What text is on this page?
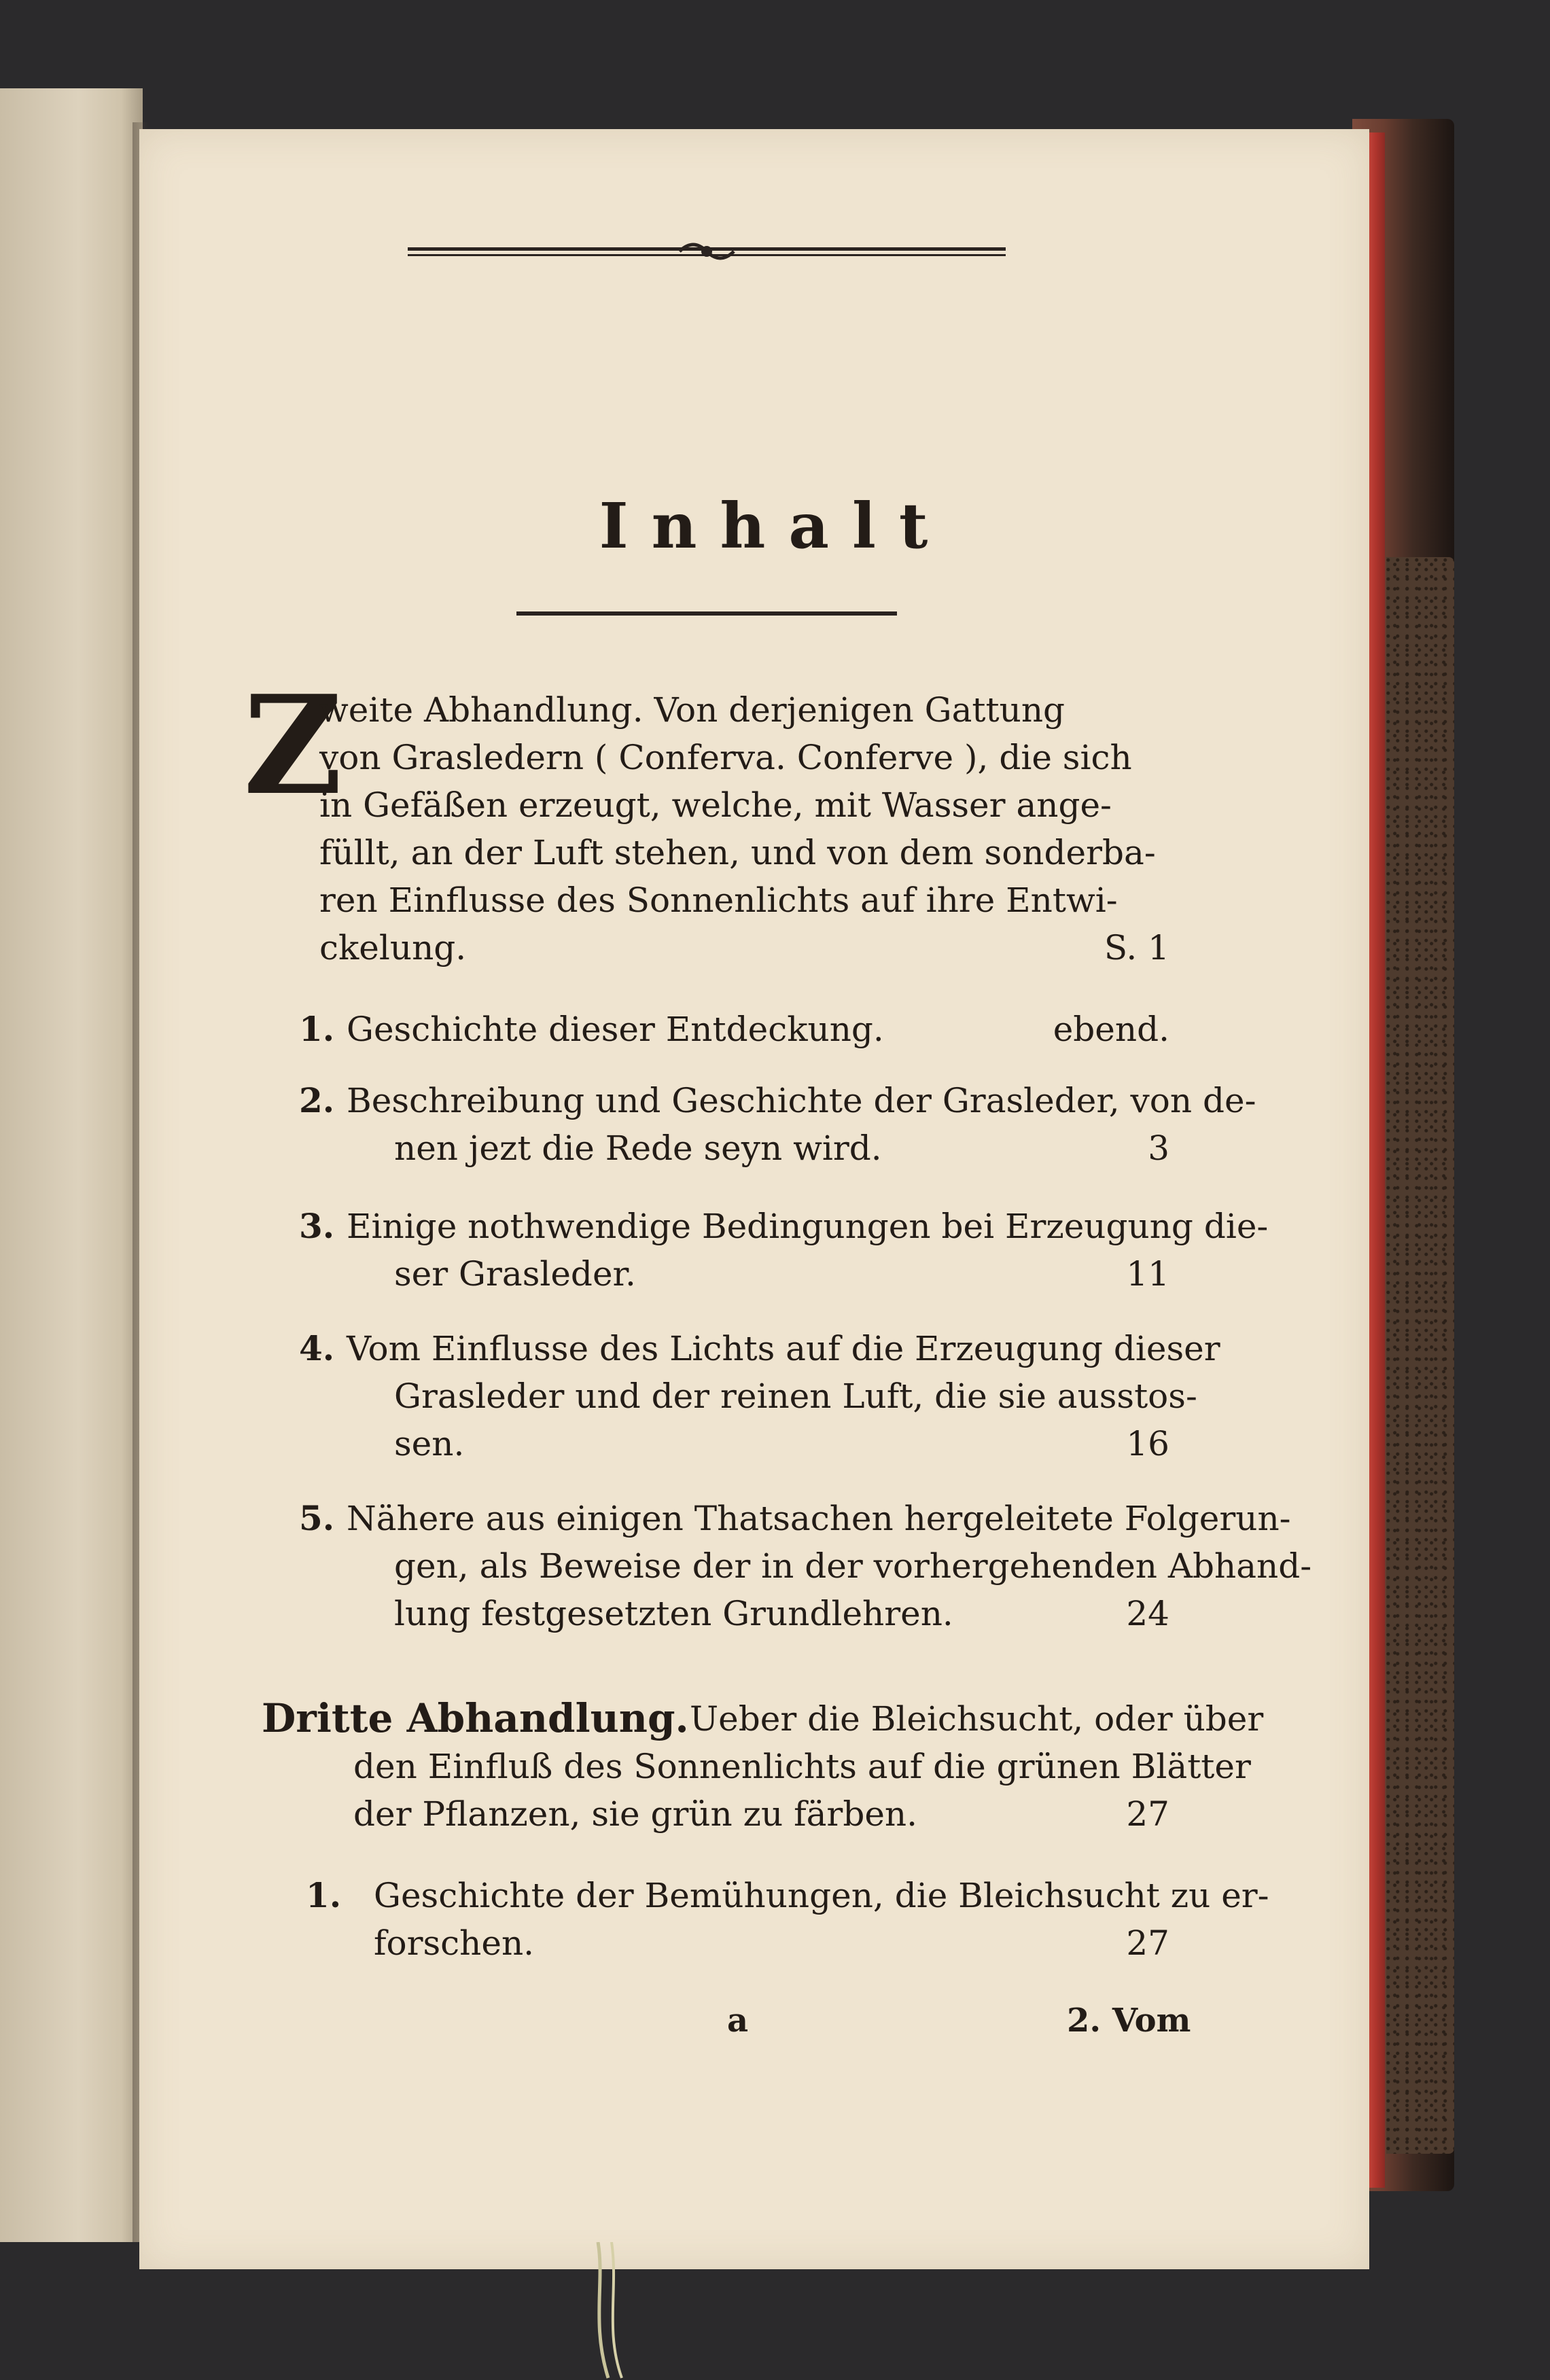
Inhalt
Z
weite Abhandlung. Von derjenigen Gattung
von Grasledern ( Conferva. Conferve ), die sich
in Gefäßen erzeugt, welche, mit Wasser ange-
füllt, an der Luft stehen, und von dem sonderba-
ren Einflusse des Sonnenlichts auf ihre Entwi-
ckelung.	S. 1
1. Geschichte dieser Entdeckung.	ebend.
2. Beschreibung und Geschichte der Grasleder, von de-
nen jezt die Rede seyn wird.	3
3. Einige nothwendige Bedingungen bei Erzeugung die-
ser Grasleder.	11
4. Vom Einflusse des Lichts auf die Erzeugung dieser
Grasleder und der reinen Luft, die sie ausstos-
sen.	16
5. Nähere aus einigen Thatsachen hergeleitete Folgerun-
gen, als Beweise der in der vorhergehenden Abhand-
lung festgesetzten Grundlehren.	24
Dritte Abhandlung. Ueber die Bleichsucht, oder über
den Einfluß des Sonnenlichts auf die grünen Blätter
der Pflanzen, sie grün zu färben.	27
1. Geschichte der Bemühungen, die Bleichsucht zu er-
forschen.	27
a	2. Vom
